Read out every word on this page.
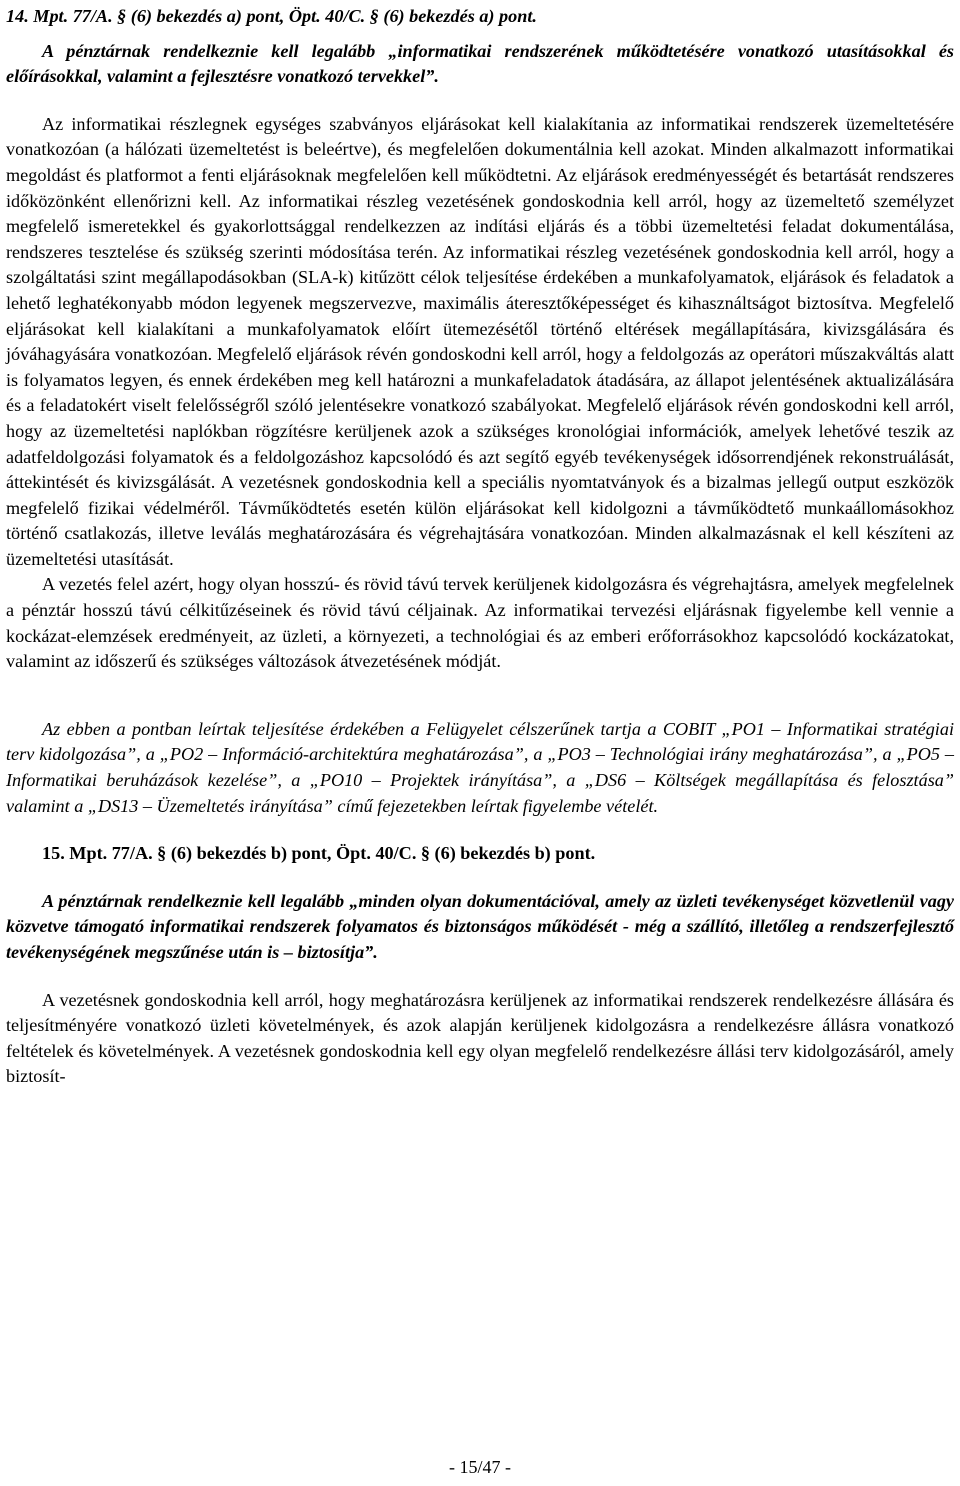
14. Mpt. 77/A. § (6) bekezdés a) pont, Öpt. 40/C. § (6) bekezdés a) pont.

A pénztárnak rendelkeznie kell legalább „informatikai rendszerének működtetésére vonatkozó utasításokkal és előírásokkal, valamint a fejlesztésre vonatkozó tervekkel”.

Az informatikai részlegnek egységes szabványos eljárásokat kell kialakítania az informatikai rendszerek üzemeltetésére vonatkozóan (a hálózati üzemeltetést is beleértve), és megfelelően dokumentálnia kell azokat. Minden alkalmazott informatikai megoldást és platformot a fenti eljárásoknak megfelelően kell működtetni. Az eljárások eredményességét és betartását rendszeres időközönként ellenőrizni kell. Az informatikai részleg vezetésének gondoskodnia kell arról, hogy az üzemeltető személyzet megfelelő ismeretekkel és gyakorlottsággal rendelkezzen az indítási eljárás és a többi üzemeltetési feladat dokumentálása, rendszeres tesztelése és szükség szerinti módosítása terén. Az informatikai részleg vezetésének gondoskodnia kell arról, hogy a szolgáltatási szint megállapodásokban (SLA-k) kitűzött célok teljesítése érdekében a munkafolyamatok, eljárások és feladatok a lehető leghatékonyabb módon legyenek megszervezve, maximális áteresztőképességet és kihasználtságot biztosítva. Megfelelő eljárásokat kell kialakítani a munkafolyamatok előírt ütemezésétől történő eltérések megállapítására, kivizsgálására és jóváhagyására vonatkozóan. Megfelelő eljárások révén gondoskodni kell arról, hogy a feldolgozás az operátori műszakváltás alatt is folyamatos legyen, és ennek érdekében meg kell határozni a munkafeladatok átadására, az állapot jelentésének aktualizálására és a feladatokért viselt felelősségről szóló jelentésekre vonatkozó szabályokat. Megfelelő eljárások révén gondoskodni kell arról, hogy az üzemeltetési naplókban rögzítésre kerüljenek azok a szükséges kronológiai információk, amelyek lehetővé teszik az adatfeldolgozási folyamatok és a feldolgozáshoz kapcsolódó és azt segítő egyéb tevékenységek idősorrendjének rekonstruálását, áttekintését és kivizsgálását. A vezetésnek gondoskodnia kell a speciális nyomtatványok és a bizalmas jellegű output eszközök megfelelő fizikai védelméről. Távműködtetés esetén külön eljárásokat kell kidolgozni a távműködtető munkaállomásokhoz történő csatlakozás, illetve leválás meghatározására és végrehajtására vonatkozóan. Minden alkalmazásnak el kell készíteni az üzemeltetési utasítását.

A vezetés felel azért, hogy olyan hosszú- és rövid távú tervek kerüljenek kidolgozásra és végrehajtásra, amelyek megfelelnek a pénztár hosszú távú célkitűzéseinek és rövid távú céljainak. Az informatikai tervezési eljárásnak figyelembe kell vennie a kockázat-elemzések eredményeit, az üzleti, a környezeti, a technológiai és az emberi erőforrásokhoz kapcsolódó kockázatokat, valamint az időszerű és szükséges változások átvezetésének módját.

Az ebben a pontban leírtak teljesítése érdekében a Felügyelet célszerűnek tartja a COBIT „PO1 – Informatikai stratégiai terv kidolgozása”, a „PO2 – Információ-architektúra meghatározása”, a „PO3 – Technológiai irány meghatározása”, a „PO5 – Informatikai beruházások kezelése”, a „PO10 – Projektek irányítása”, a „DS6 – Költségek megállapítása és felosztása” valamint a „DS13 – Üzemeltetés irányítása” című fejezetekben leírtak figyelembe vételét.

15. Mpt. 77/A. § (6) bekezdés b) pont, Öpt. 40/C. § (6) bekezdés b) pont.

A pénztárnak rendelkeznie kell legalább „minden olyan dokumentációval, amely az üzleti tevékenységet közvetlenül vagy közvetve támogató informatikai rendszerek folyamatos és biztonságos működését - még a szállító, illetőleg a rendszerfejlesztő tevékenységének megszűnése után is – biztosítja”.

A vezetésnek gondoskodnia kell arról, hogy meghatározásra kerüljenek az informatikai rendszerek rendelkezésre állására és teljesítményére vonatkozó üzleti követelmények, és azok alapján kerüljenek kidolgozásra a rendelkezésre állásra vonatkozó feltételek és követelmények. A vezetésnek gondoskodnia kell egy olyan megfelelő rendelkezésre állási terv kidolgozásáról, amely biztosít-

- 15/47 -
